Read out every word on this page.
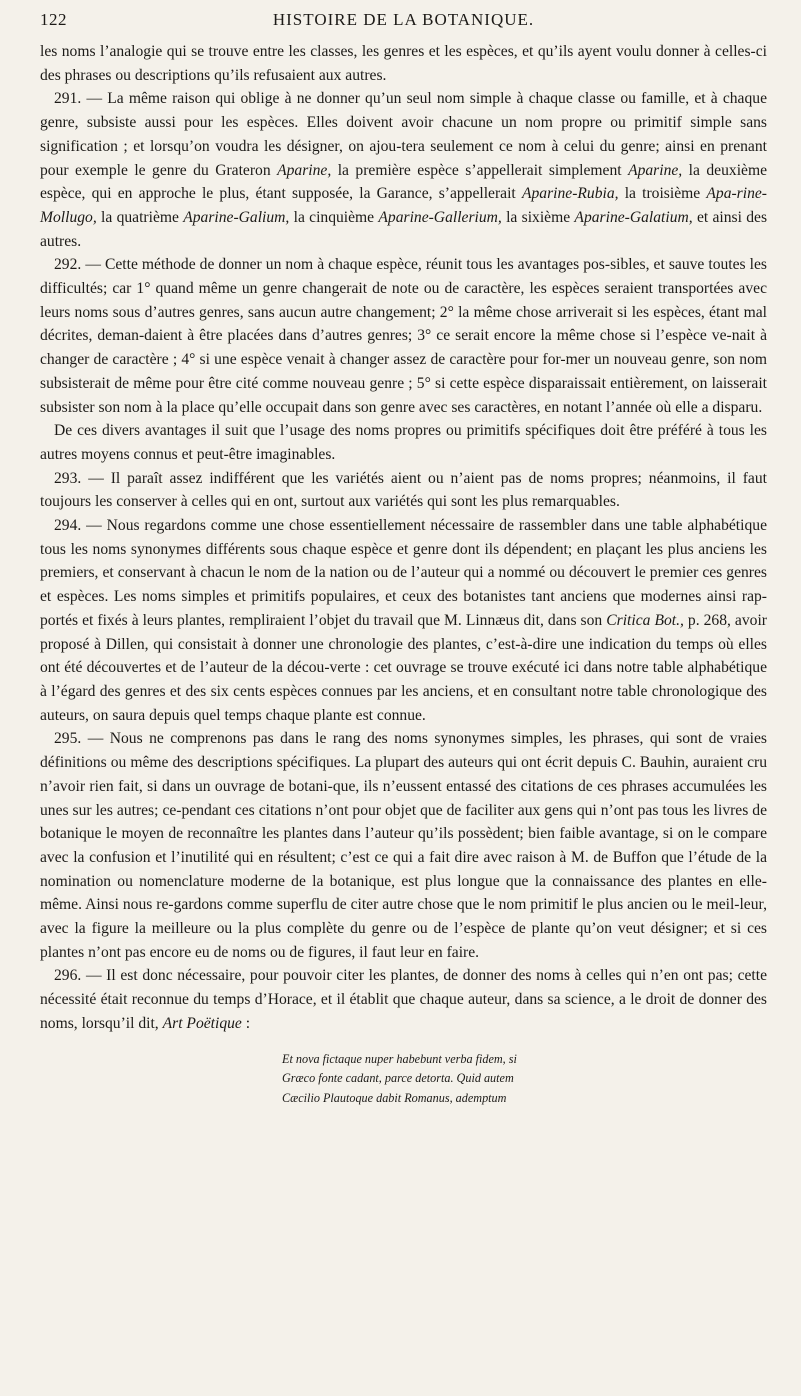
122	HISTOIRE DE LA BOTANIQUE.

les noms l’analogie qui se trouve entre les classes, les genres et les espèces, et qu’ils ayent voulu donner à celles-ci des phrases ou descriptions qu’ils refusaient aux autres.

291. — La même raison qui oblige à ne donner qu’un seul nom simple à chaque classe ou famille, et à chaque genre, subsiste aussi pour les espèces. Elles doivent avoir chacune un nom propre ou primitif simple sans signification ; et lorsqu’on voudra les désigner, on ajou-tera seulement ce nom à celui du genre; ainsi en prenant pour exemple le genre du Grateron Aparine, la première espèce s’appellerait simplement Aparine, la deuxième espèce, qui en approche le plus, étant supposée, la Garance, s’appellerait Aparine-Rubia, la troisième Apa-rine-Mollugo, la quatrième Aparine-Galium, la cinquième Aparine-Gallerium, la sixième Aparine-Galatium, et ainsi des autres.

292. — Cette méthode de donner un nom à chaque espèce, réunit tous les avantages pos-sibles, et sauve toutes les difficultés; car 1° quand même un genre changerait de note ou de caractère, les espèces seraient transportées avec leurs noms sous d’autres genres, sans aucun autre changement; 2° la même chose arriverait si les espèces, étant mal décrites, deman-daient à être placées dans d’autres genres; 3° ce serait encore la même chose si l’espèce ve-nait à changer de caractère ; 4° si une espèce venait à changer assez de caractère pour for-mer un nouveau genre, son nom subsisterait de même pour être cité comme nouveau genre ; 5° si cette espèce disparaissait entièrement, on laisserait subsister son nom à la place qu’elle occupait dans son genre avec ses caractères, en notant l’année où elle a disparu.

De ces divers avantages il suit que l’usage des noms propres ou primitifs spécifiques doit être préféré à tous les autres moyens connus et peut-être imaginables.

293. — Il paraît assez indifférent que les variétés aient ou n’aient pas de noms propres; néanmoins, il faut toujours les conserver à celles qui en ont, surtout aux variétés qui sont les plus remarquables.

294. — Nous regardons comme une chose essentiellement nécessaire de rassembler dans une table alphabétique tous les noms synonymes différents sous chaque espèce et genre dont ils dépendent; en plaçant les plus anciens les premiers, et conservant à chacun le nom de la nation ou de l’auteur qui a nommé ou découvert le premier ces genres et espèces. Les noms simples et primitifs populaires, et ceux des botanistes tant anciens que modernes ainsi rap-portés et fixés à leurs plantes, rempliraient l’objet du travail que M. Linnæus dit, dans son Critica Bot., p. 268, avoir proposé à Dillen, qui consistait à donner une chronologie des plantes, c’est-à-dire une indication du temps où elles ont été découvertes et de l’auteur de la décou-verte : cet ouvrage se trouve exécuté ici dans notre table alphabétique à l’égard des genres et des six cents espèces connues par les anciens, et en consultant notre table chronologique des auteurs, on saura depuis quel temps chaque plante est connue.

295. — Nous ne comprenons pas dans le rang des noms synonymes simples, les phrases, qui sont de vraies définitions ou même des descriptions spécifiques. La plupart des auteurs qui ont écrit depuis C. Bauhin, auraient cru n’avoir rien fait, si dans un ouvrage de botani-que, ils n’eussent entassé des citations de ces phrases accumulées les unes sur les autres; ce-pendant ces citations n’ont pour objet que de faciliter aux gens qui n’ont pas tous les livres de botanique le moyen de reconnaître les plantes dans l’auteur qu’ils possèdent; bien faible avantage, si on le compare avec la confusion et l’inutilité qui en résultent; c’est ce qui a fait dire avec raison à M. de Buffon que l’étude de la nomination ou nomenclature moderne de la botanique, est plus longue que la connaissance des plantes en elle-même. Ainsi nous re-gardons comme superflu de citer autre chose que le nom primitif le plus ancien ou le meil-leur, avec la figure la meilleure ou la plus complète du genre ou de l’espèce de plante qu’on veut désigner; et si ces plantes n’ont pas encore eu de noms ou de figures, il faut leur en faire.

296. — Il est donc nécessaire, pour pouvoir citer les plantes, de donner des noms à celles qui n’en ont pas; cette nécessité était reconnue du temps d’Horace, et il établit que chaque auteur, dans sa science, a le droit de donner des noms, lorsqu’il dit, Art Poëtique :

Et nova fictaque nuper habebunt verba fidem, si
Græco fonte cadant, parce detorta. Quid autem
Cæcilio Plautoque dabit Romanus, ademptum
